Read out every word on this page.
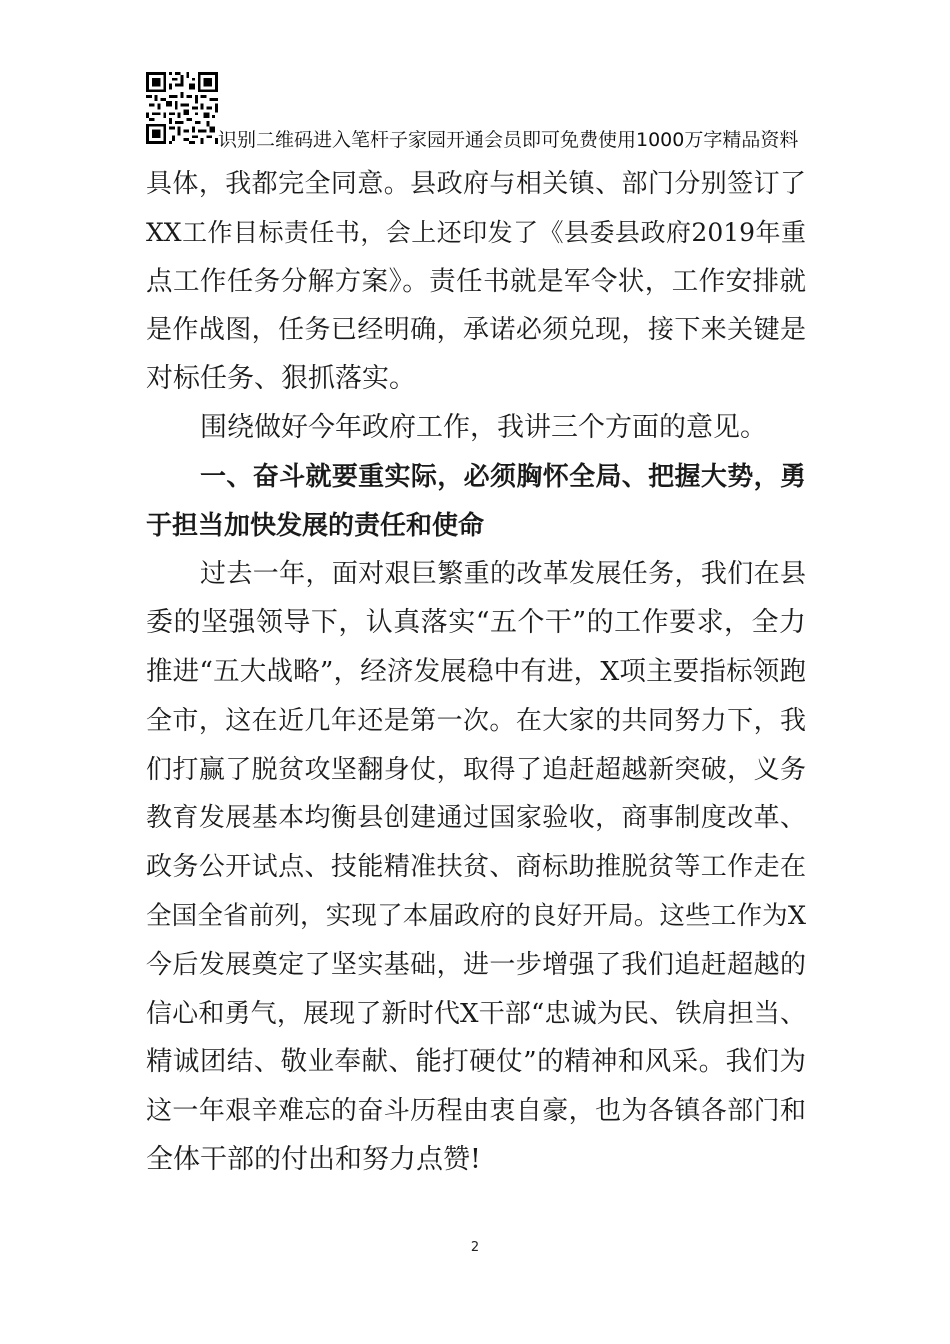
识别二维码进入笔杆子家园开通会员即可免费使用1000万字精品资料
具体，我都完全同意。县政府与相关镇、部门分别签订了
XX工作目标责任书，会上还印发了《县委县政府2019年重
点工作任务分解方案》。责任书就是军令状，工作安排就
是作战图，任务已经明确，承诺必须兑现，接下来关键是
对标任务、狠抓落实。
围绕做好今年政府工作，我讲三个方面的意见。
一、奋斗就要重实际，必须胸怀全局、把握大势，勇
于担当加快发展的责任和使命
过去一年，面对艰巨繁重的改革发展任务，我们在县
委的坚强领导下，认真落实“五个干”的工作要求，全力
推进“五大战略”，经济发展稳中有进，X项主要指标领跑
全市，这在近几年还是第一次。在大家的共同努力下，我
们打赢了脱贫攻坚翻身仗，取得了追赶超越新突破，义务
教育发展基本均衡县创建通过国家验收，商事制度改革、
政务公开试点、技能精准扶贫、商标助推脱贫等工作走在
全国全省前列，实现了本届政府的良好开局。这些工作为X
今后发展奠定了坚实基础，进一步增强了我们追赶超越的
信心和勇气，展现了新时代X干部“忠诚为民、铁肩担当、
精诚团结、敬业奉献、能打硬仗”的精神和风采。我们为
这一年艰辛难忘的奋斗历程由衷自豪，也为各镇各部门和
全体干部的付出和努力点赞!
2
